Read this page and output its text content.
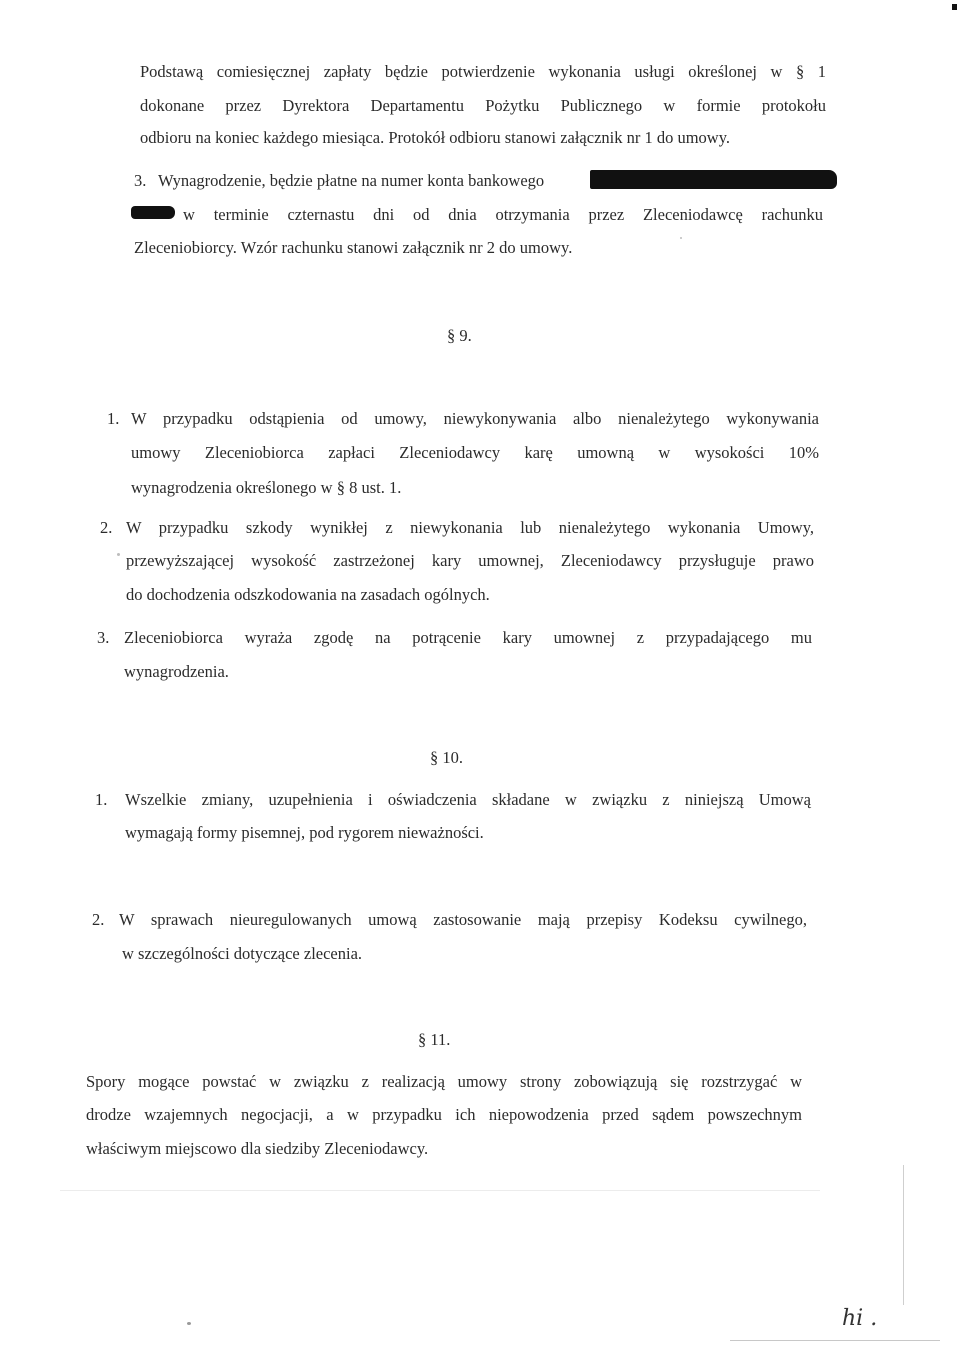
Podstawą comiesięcznej zapłaty będzie potwierdzenie wykonania usługi określonej w § 1
dokonane przez Dyrektora Departamentu Pożytku Publicznego w formie protokołu
odbioru na koniec każdego miesiąca. Protokół odbioru stanowi załącznik nr 1 do umowy.
3. Wynagrodzenie, będzie płatne na numer konta bankowego
w terminie czternastu dni od dnia otrzymania przez Zleceniodawcę rachunku
Zleceniobiorcy. Wzór rachunku stanowi załącznik nr 2 do umowy.
§ 9.
1. W przypadku odstąpienia od umowy, niewykonywania albo nienależytego wykonywania
umowy Zleceniobiorca zapłaci Zleceniodawcy karę umowną w wysokości 10%
wynagrodzenia określonego w § 8 ust. 1.
2. W przypadku szkody wynikłej z niewykonania lub nienależytego wykonania Umowy,
przewyższającej wysokość zastrzeżonej kary umownej, Zleceniodawcy przysługuje prawo
do dochodzenia odszkodowania na zasadach ogólnych.
3. Zleceniobiorca wyraża zgodę na potrącenie kary umownej z przypadającego mu
wynagrodzenia.
§ 10.
1. Wszelkie zmiany, uzupełnienia i oświadczenia składane w związku z niniejszą Umową
wymagają formy pisemnej, pod rygorem nieważności.
2. W sprawach nieuregulowanych umową zastosowanie mają przepisy Kodeksu cywilnego,
w szczególności dotyczące zlecenia.
§ 11.
Spory mogące powstać w związku z realizacją umowy strony zobowiązują się rozstrzygać w
drodze wzajemnych negocjacji, a w przypadku ich niepowodzenia przed sądem powszechnym
właściwym miejscowo dla siedziby Zleceniodawcy.
hi .
